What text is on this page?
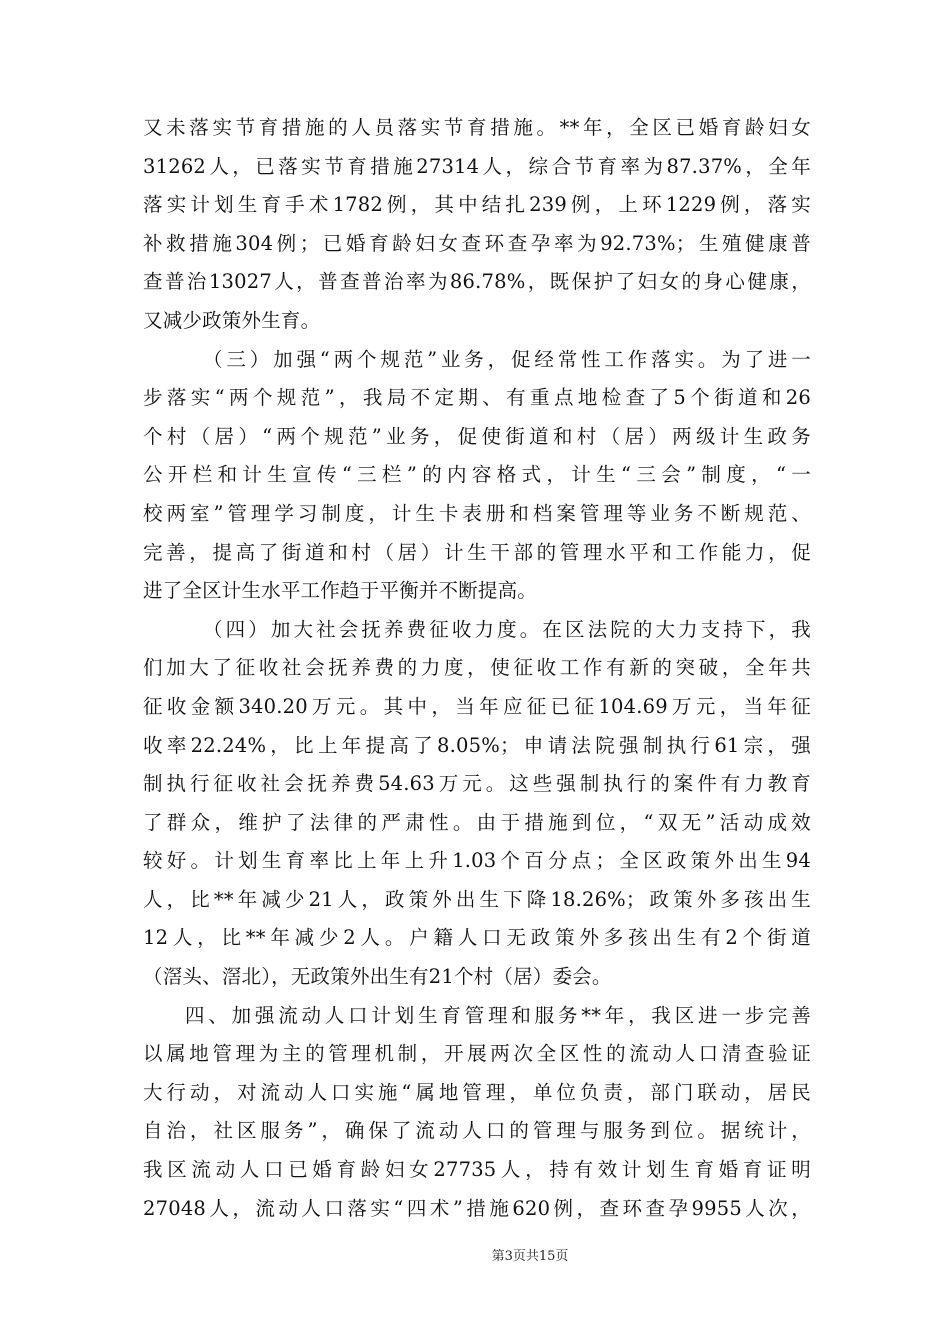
又未落实节育措施的人员落实节育措施。**年，全区已婚育龄妇女
31262人，已落实节育措施27314人，综合节育率为87.37%，全年
落实计划生育手术1782例，其中结扎239例，上环1229例，落实
补救措施304例；已婚育龄妇女查环查孕率为92.73%；生殖健康普
查普治13027人，普查普治率为86.78%，既保护了妇女的身心健康，
又减少政策外生育。
（三）加强“两个规范”业务，促经常性工作落实。为了进一
步落实“两个规范”，我局不定期、有重点地检查了5个街道和26
个村（居）“两个规范”业务，促使街道和村（居）两级计生政务
公开栏和计生宣传“三栏”的内容格式，计生“三会”制度，“一
校两室”管理学习制度，计生卡表册和档案管理等业务不断规范、
完善，提高了街道和村（居）计生干部的管理水平和工作能力，促
进了全区计生水平工作趋于平衡并不断提高。
（四）加大社会抚养费征收力度。在区法院的大力支持下，我
们加大了征收社会抚养费的力度，使征收工作有新的突破，全年共
征收金额340.20万元。其中，当年应征已征104.69万元，当年征
收率22.24%，比上年提高了8.05%；申请法院强制执行61宗，强
制执行征收社会抚养费54.63万元。这些强制执行的案件有力教育
了群众，维护了法律的严肃性。由于措施到位，“双无”活动成效
较好。计划生育率比上年上升1.03个百分点；全区政策外出生94
人，比**年减少21人，政策外出生下降18.26%；政策外多孩出生
12人，比**年减少2人。户籍人口无政策外多孩出生有2个街道
（滘头、滘北），无政策外出生有21个村（居）委会。
四、加强流动人口计划生育管理和服务**年，我区进一步完善
以属地管理为主的管理机制，开展两次全区性的流动人口清查验证
大行动，对流动人口实施“属地管理，单位负责，部门联动，居民
自治，社区服务”，确保了流动人口的管理与服务到位。据统计，
我区流动人口已婚育龄妇女27735人，持有效计划生育婚育证明
27048人，流动人口落实“四术”措施620例，查环查孕9955人次，
第3页共15页
